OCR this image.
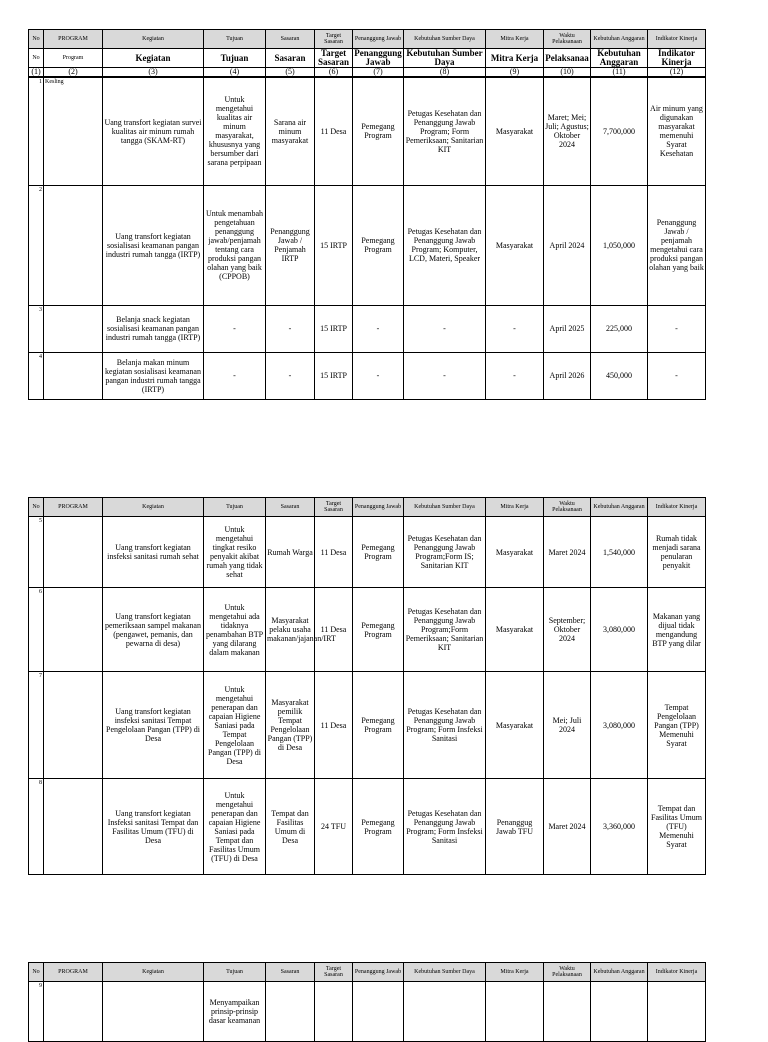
No	PROGRAM	Kegiatan	Tujuan	Sasaran	Target Sasaran	Penanggung Jawab	Kebutuhan Sumber Daya	Mitra Kerja	Waktu Pelaksanaan	Kebutuhan Anggaran	Indikator Kinerja
No	Program	Kegiatan	Tujuan	Sasaran	Target Sasaran	Penanggung Jawab	Kebutuhan Sumber Daya	Mitra Kerja	Pelaksanaa	Kebutuhan Anggaran	Indikator Kinerja
(1)	(2)	(3)	(4)	(5)	(6)	(7)	(8)	(9)	(10)	(11)	(12)
1	Kesling	Uang transfort kegiatan survei kualitas air minum rumah tangga (SKAM-RT)	Untuk mengetahui kualitas air minum masyarakat, khususnya yang bersumber dari sarana perpipaan	Sarana air minum masyarakat	11 Desa	Pemegang Program	Petugas Kesehatan dan Penanggung Jawab Program; Form Pemeriksaan; Sanitarian KIT	Masyarakat	Maret; Mei; Juli; Agustus; Oktober 2024	7,700,000	Air minum yang digunakan masyarakat memenuhi Syarat Kesehatan
2		Uang transfort kegiatan sosialisasi keamanan pangan industri rumah tangga (IRTP)	Untuk menambah pengetahuan penanggung jawab/penjamah tentang cara produksi pangan olahan yang baik (CPPOB)	Penanggung Jawab / Penjamah IRTP	15 IRTP	Pemegang Program	Petugas Kesehatan dan Penanggung Jawab Program; Komputer, LCD, Materi, Speaker	Masyarakat	April 2024	1,050,000	Penanggung Jawab / penjamah mengetahui cara produksi pangan olahan yang baik
3		Belanja snack kegiatan sosialisasi keamanan pangan industri rumah tangga (IRTP)	-	-	15 IRTP	-	-	-	April 2025	225,000	-
4		Belanja makan minum kegiatan sosialisasi keamanan pangan industri rumah tangga (IRTP)	-	-	15 IRTP	-	-	-	April 2026	450,000	-
No	PROGRAM	Kegiatan	Tujuan	Sasaran	Target Sasaran	Penanggung Jawab	Kebutuhan Sumber Daya	Mitra Kerja	Waktu Pelaksanaan	Kebutuhan Anggaran	Indikator Kinerja
5		Uang transfort kegiatan insfeksi sanitasi rumah sehat	Untuk mengetahui tingkat resiko penyakit akibat rumah yang tidak sehat	Rumah Warga	11 Desa	Pemegang Program	Petugas Kesehatan dan Penanggung Jawab Program;Form IS; Sanitarian KIT	Masyarakat	Maret 2024	1,540,000	Rumah tidak menjadi sarana penularan penyakit
6		Uang transfort kegiatan pemeriksaan sampel makanan (pengawet, pemanis, dan pewarna di desa)	Untuk mengetahui ada tidaknya penambahan BTP yang dilarang dalam makanan	Masyarakat pelaku usaha makanan/jajanan/IRT	11 Desa	Pemegang Program	Petugas Kesehatan dan Penanggung Jawab Program;Form Pemeriksaan; Sanitarian KIT	Masyarakat	September; Oktober 2024	3,080,000	Makanan yang dijual tidak mengandung BTP yang dilar
7		Uang transfort kegiatan insfeksi sanitasi Tempat Pengelolaan Pangan (TPP) di Desa	Untuk mengetahui penerapan dan capaian Higiene Saniasi pada Tempat Pengelolaan Pangan (TPP) di Desa	Masyarakat pemilik Tempat Pengelolaan Pangan (TPP) di Desa	11 Desa	Pemegang Program	Petugas Kesehatan dan Penanggung Jawab Program; Form Insfeksi Sanitasi	Masyarakat	Mei; Juli 2024	3,080,000	Tempat Pengelolaan Pangan (TPP) Memenuhi Syarat
8		Uang transfort kegiatan Insfeksi sanitasi Tempat dan Fasilitas Umum (TFU) di Desa	Untuk mengetahui penerapan dan capaian Higiene Saniasi pada Tempat dan Fasilitas Umum (TFU) di Desa	Tempat dan Fasilitas Umum di Desa	24 TFU	Pemegang Program	Petugas Kesehatan dan Penanggung Jawab Program; Form Insfeksi Sanitasi	Penanggug Jawab TFU	Maret 2024	3,360,000	Tempat dan Fasilitas Umum (TFU) Memenuhi Syarat
No	PROGRAM	Kegiatan	Tujuan	Sasaran	Target Sasaran	Penanggung Jawab	Kebutuhan Sumber Daya	Mitra Kerja	Waktu Pelaksanaan	Kebutuhan Anggaran	Indikator Kinerja
9			Menyampaikan prinsip-prinsip dasar keamanan								
